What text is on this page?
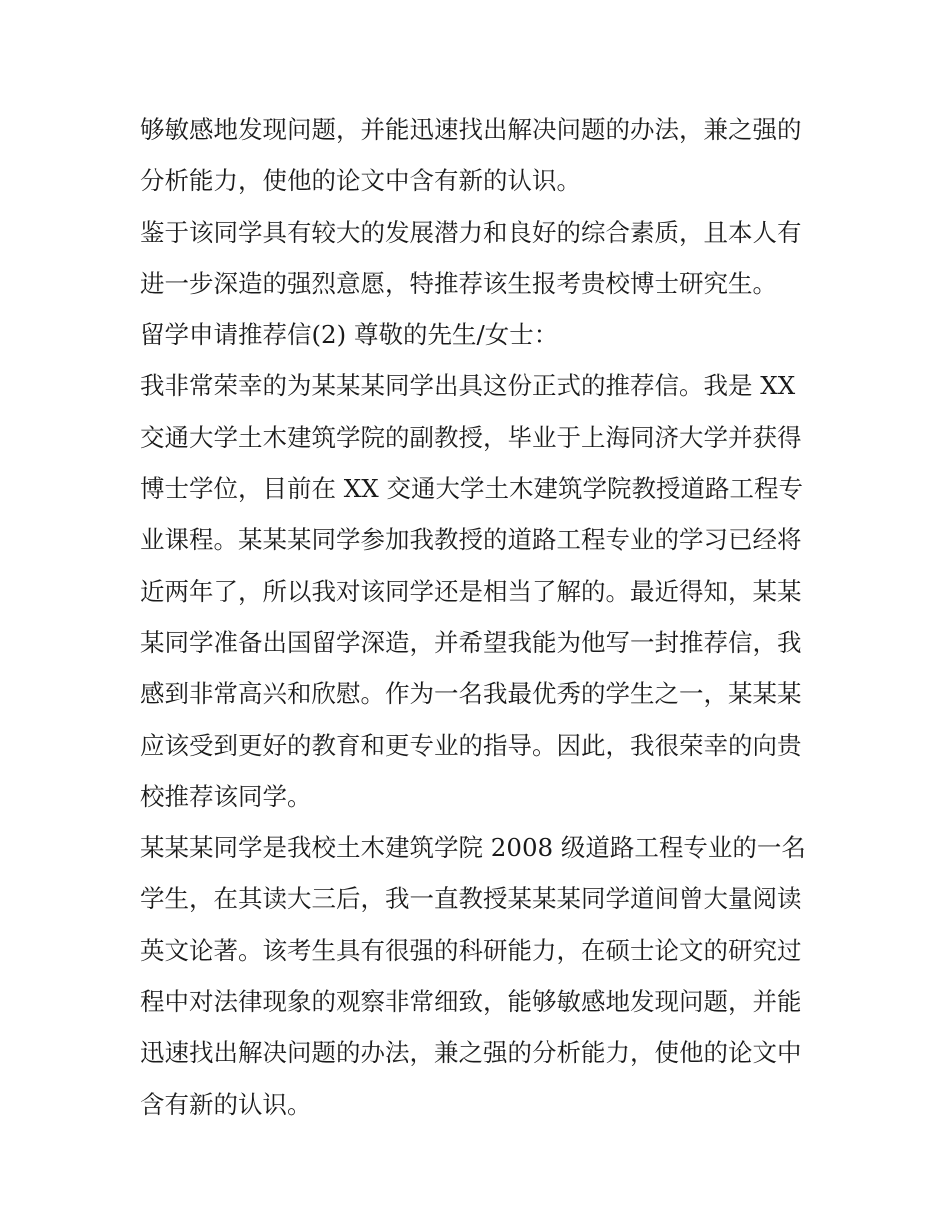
够敏感地发现问题，并能迅速找出解决问题的办法，兼之强的
分析能力，使他的论文中含有新的认识。
鉴于该同学具有较大的发展潜力和良好的综合素质，且本人有
进一步深造的强烈意愿，特推荐该生报考贵校博士研究生。
留学申请推荐信(2) 尊敬的先生/女士：
我非常荣幸的为某某某同学出具这份正式的推荐信。我是 XX
交通大学土木建筑学院的副教授，毕业于上海同济大学并获得
博士学位，目前在 XX 交通大学土木建筑学院教授道路工程专
业课程。某某某同学参加我教授的道路工程专业的学习已经将
近两年了，所以我对该同学还是相当了解的。最近得知，某某
某同学准备出国留学深造，并希望我能为他写一封推荐信，我
感到非常高兴和欣慰。作为一名我最优秀的学生之一，某某某
应该受到更好的教育和更专业的指导。因此，我很荣幸的向贵
校推荐该同学。
某某某同学是我校土木建筑学院 2008 级道路工程专业的一名
学生，在其读大三后，我一直教授某某某同学道间曾大量阅读
英文论著。该考生具有很强的科研能力，在硕士论文的研究过
程中对法律现象的观察非常细致，能够敏感地发现问题，并能
迅速找出解决问题的办法，兼之强的分析能力，使他的论文中
含有新的认识。
